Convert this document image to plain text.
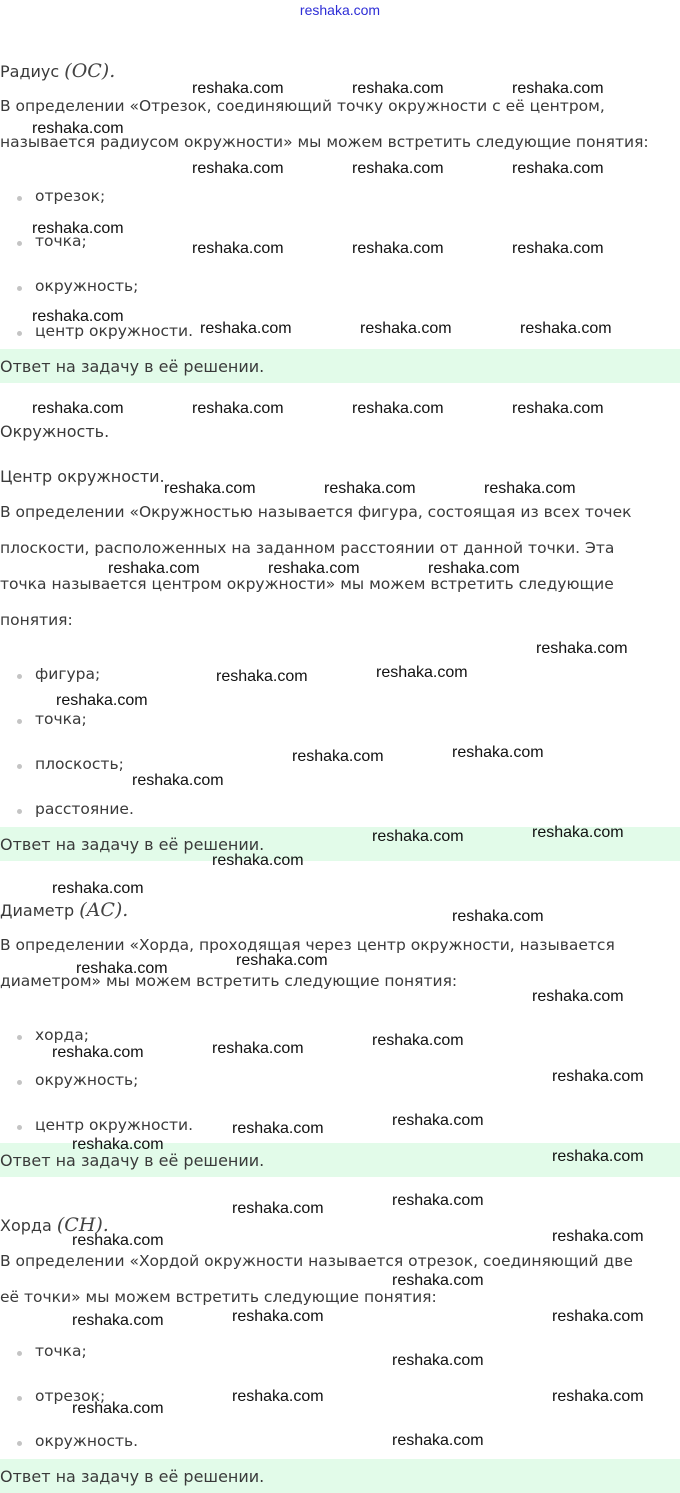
reshaka.com
Радиус (OC).
В определении «Отрезок, соединяющий точку окружности с её центром,
называется радиусом окружности» мы можем встретить следующие понятия:
отрезок;
точка;
окружность;
центр окружности.
Ответ на задачу в её решении.
Окружность.
Центр окружности.
В определении «Окружностью называется фигура, состоящая из всех точек
плоскости, расположенных на заданном расстоянии от данной точки. Эта
точка называется центром окружности» мы можем встретить следующие
понятия:
фигура;
точка;
плоскость;
расстояние.
Ответ на задачу в её решении.
Диаметр (AC).
В определении «Хорда, проходящая через центр окружности, называется
диаметром» мы можем встретить следующие понятия:
хорда;
окружность;
центр окружности.
Ответ на задачу в её решении.
Хорда (CH).
В определении «Хордой окружности называется отрезок, соединяющий две
её точки» мы можем встретить следующие понятия:
точка;
отрезок;
окружность.
Ответ на задачу в её решении.
reshaka.com	reshaka.com	reshaka.com
reshaka.com
reshaka.com	reshaka.com	reshaka.com
reshaka.com
reshaka.com	reshaka.com	reshaka.com
reshaka.com
reshaka.com	reshaka.com	reshaka.com
reshaka.com	reshaka.com	reshaka.com	reshaka.com
reshaka.com	reshaka.com	reshaka.com
reshaka.com	reshaka.com	reshaka.com
reshaka.com
reshaka.com	reshaka.com
reshaka.com
reshaka.com	reshaka.com
reshaka.com
reshaka.com	reshaka.com
reshaka.com
reshaka.com
reshaka.com
reshaka.com
reshaka.com
reshaka.com
reshaka.com
reshaka.com
reshaka.com
reshaka.com
reshaka.com
reshaka.com
reshaka.com
reshaka.com
reshaka.com
reshaka.com
reshaka.com	reshaka.com
reshaka.com
reshaka.com
reshaka.com	reshaka.com
reshaka.com
reshaka.com
reshaka.com
reshaka.com
reshaka.com
